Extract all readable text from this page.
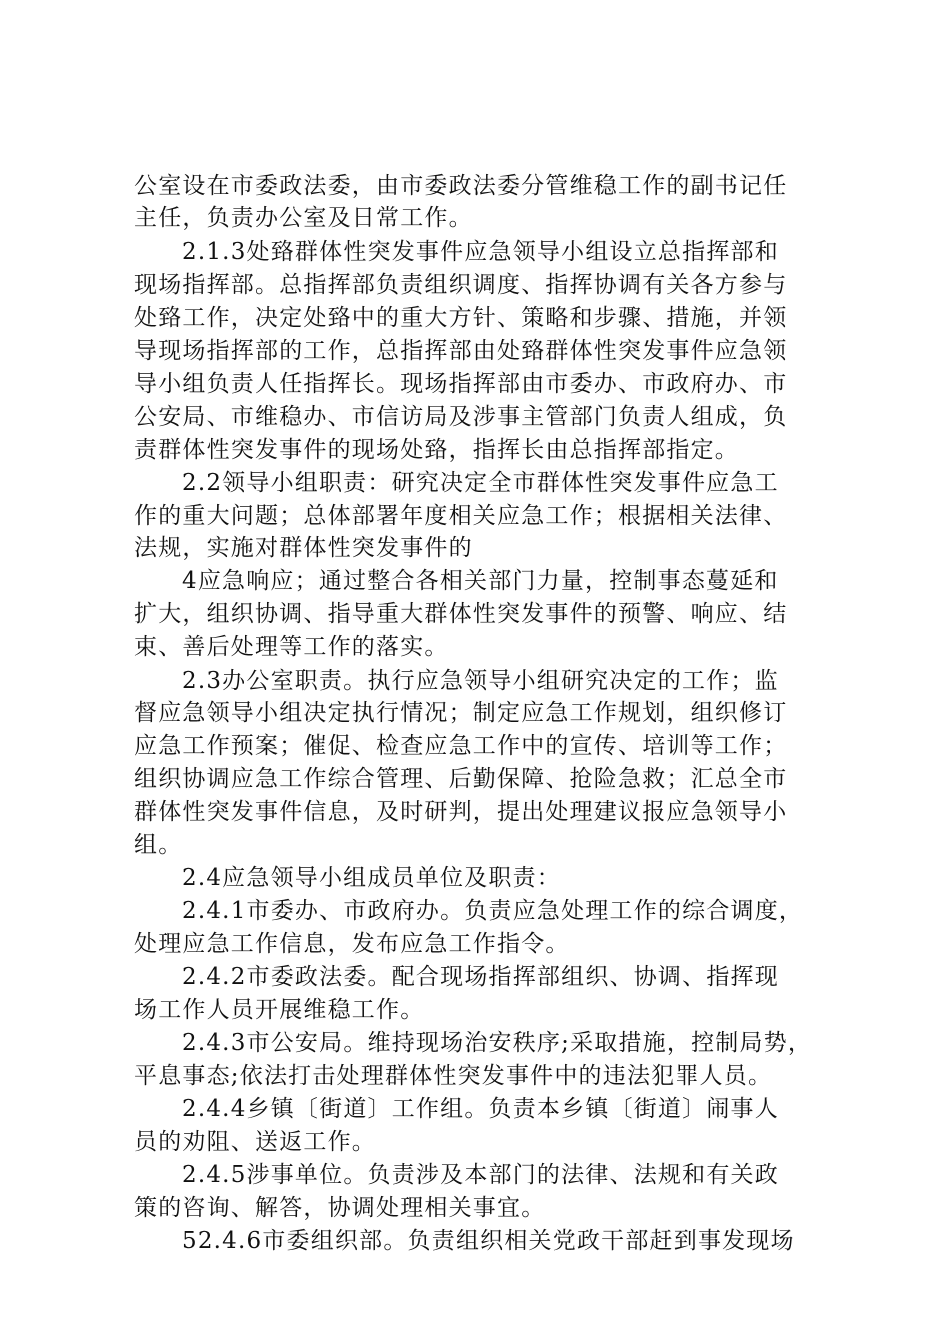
公室设在市委政法委，由市委政法委分管维稳工作的副书记任
主任，负责办公室及日常工作。
2.1.3处臵群体性突发事件应急领导小组设立总指挥部和
现场指挥部。总指挥部负责组织调度、指挥协调有关各方参与
处臵工作，决定处臵中的重大方针、策略和步骤、措施，并领
导现场指挥部的工作，总指挥部由处臵群体性突发事件应急领
导小组负责人任指挥长。现场指挥部由市委办、市政府办、市
公安局、市维稳办、市信访局及涉事主管部门负责人组成，负
责群体性突发事件的现场处臵，指挥长由总指挥部指定。
2.2领导小组职责：研究决定全市群体性突发事件应急工
作的重大问题；总体部署年度相关应急工作；根据相关法律、
法规，实施对群体性突发事件的
4应急响应；通过整合各相关部门力量，控制事态蔓延和
扩大，组织协调、指导重大群体性突发事件的预警、响应、结
束、善后处理等工作的落实。
2.3办公室职责。执行应急领导小组研究决定的工作；监
督应急领导小组决定执行情况；制定应急工作规划，组织修订
应急工作预案；催促、检查应急工作中的宣传、培训等工作；
组织协调应急工作综合管理、后勤保障、抢险急救；汇总全市
群体性突发事件信息，及时研判，提出处理建议报应急领导小
组。
2.4应急领导小组成员单位及职责：
2.4.1市委办、市政府办。负责应急处理工作的综合调度，
处理应急工作信息，发布应急工作指令。
2.4.2市委政法委。配合现场指挥部组织、协调、指挥现
场工作人员开展维稳工作。
2.4.3市公安局。维持现场治安秩序;采取措施，控制局势，
平息事态;依法打击处理群体性突发事件中的违法犯罪人员。
2.4.4乡镇〔街道〕工作组。负责本乡镇〔街道〕闹事人
员的劝阻、送返工作。
2.4.5涉事单位。负责涉及本部门的法律、法规和有关政
策的咨询、解答，协调处理相关事宜。
52.4.6市委组织部。负责组织相关党政干部赶到事发现场
